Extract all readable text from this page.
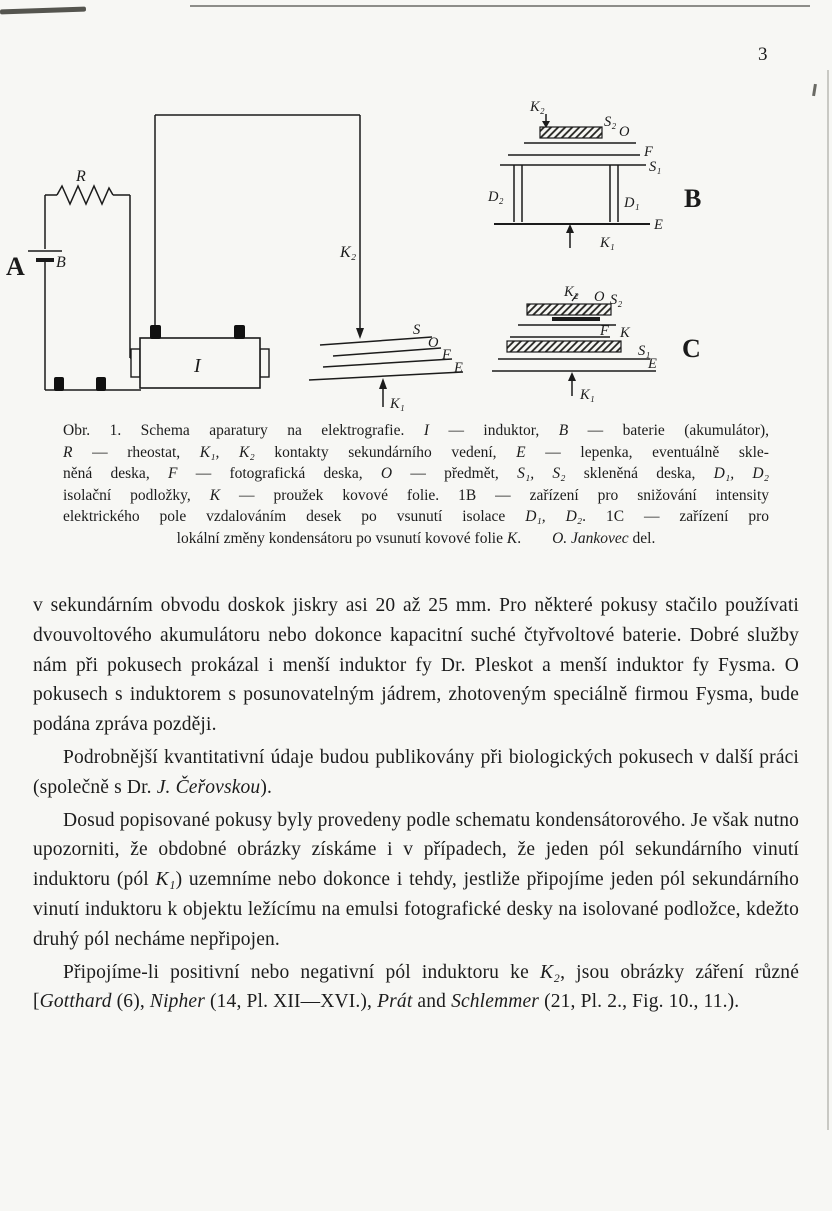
3
A
R
B
I
K₂
S
O
F
E
K₁
K₂
S₂
O
F
S₁
D₂	D₁
E
K₁
B
K₂ O S₂
F K
S₁
E
K₁
C
Obr. 1. Schema aparatury na elektrografie. I — induktor, B — baterie (akumulátor),
R — rheostat, K₁, K₂ kontakty sekundárního vedení, E — lepenka, eventuálně skle-
něná deska, F — fotografická deska, O — předmět, S₁, S₂ skleněná deska, D₁, D₂
isolační podložky, K — proužek kovové folie. 1B — zařízení pro snižování intensity
elektrického pole vzdalováním desek po vsunutí isolace D₁, D₂. 1C — zařízení pro
lokální změny kondensátoru po vsunutí kovové folie K.        O. Jankovec del.

v sekundárním obvodu doskok jiskry asi 20 až 25 mm. Pro některé pokusy stačilo používati dvouvoltového akumulátoru nebo dokonce kapacitní suché čtyřvoltové baterie. Dobré služby nám při pokusech prokázal i menší induktor fy Dr. Pleskot a menší induktor fy Fysma. O pokusech s induktorem s posunovatelným jádrem, zhotoveným speciálně firmou Fysma, bude podána zpráva později.

Podrobnější kvantitativní údaje budou publikovány při biologických pokusech v další práci (společně s Dr. J. Čeřovskou).

Dosud popisované pokusy byly provedeny podle schematu kondensátorového. Je však nutno upozorniti, že obdobné obrázky získáme i v případech, že jeden pól sekundárního vinutí induktoru (pól K₁) uzemníme nebo dokonce i tehdy, jestliže připojíme jeden pól sekundárního vinutí induktoru k objektu ležícímu na emulsi fotografické desky na isolované podložce, kdežto druhý pól necháme nepřipojen.

Připojíme-li positivní nebo negativní pól induktoru ke K₂, jsou obrázky záření různé [Gotthard (6), Nipher (14, Pl. XII—XVI.), Prát and Schlemmer (21, Pl. 2., Fig. 10., 11.).
